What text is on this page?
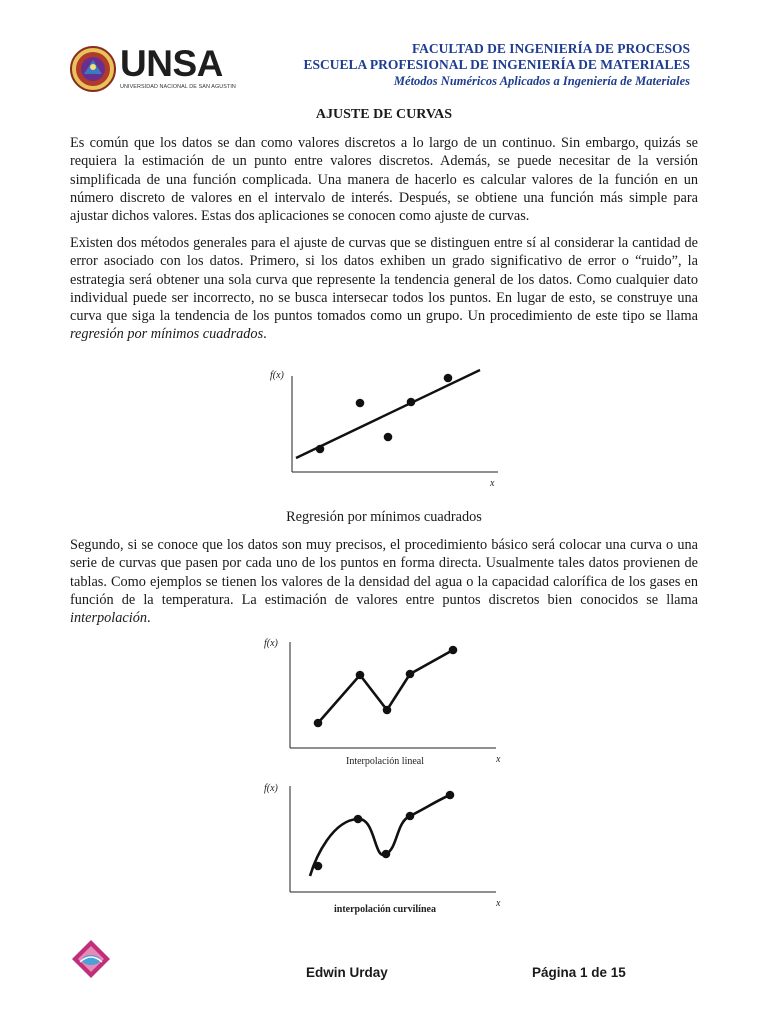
UNSA
UNIVERSIDAD NACIONAL DE SAN AGUSTIN
FACULTAD DE INGENIERÍA DE PROCESOS
ESCUELA PROFESIONAL DE INGENIERÍA DE MATERIALES
Métodos Numéricos Aplicados a Ingeniería de Materiales
AJUSTE DE CURVAS
Es común que los datos se dan como valores discretos a lo largo de un continuo. Sin embargo, quizás se requiera la estimación de un punto entre valores discretos. Además, se puede necesitar de la versión simplificada de una función complicada. Una manera de hacerlo es calcular valores de la función en un número discreto de valores en el intervalo de interés. Después, se obtiene una función más simple para ajustar dichos valores. Estas dos aplicaciones se conocen como ajuste de curvas.
Existen dos métodos generales para el ajuste de curvas que se distinguen entre sí al considerar la cantidad de error asociado con los datos. Primero, si los datos exhiben un grado significativo de error o “ruido”, la estrategia será obtener una sola curva que represente la tendencia general de los datos. Como cualquier dato individual puede ser incorrecto, no se busca intersecar todos los puntos. En lugar de esto, se construye una curva que siga la tendencia de los puntos tomados como un grupo. Un procedimiento de este tipo se llama regresión por mínimos cuadrados.
f(x)
x
Regresión por mínimos cuadrados
Segundo, si se conoce que los datos son muy precisos, el procedimiento básico será colocar una curva o una serie de curvas que pasen por cada uno de los puntos en forma directa. Usualmente tales datos provienen de tablas. Como ejemplos se tienen los valores de la densidad del agua o la capacidad calorífica de los gases en función de la temperatura. La estimación de valores entre puntos discretos bien conocidos se llama interpolación.
f(x)
x
Interpolación lineal
f(x)
x
interpolación curvilínea
Edwin Urday	Página 1 de 15
